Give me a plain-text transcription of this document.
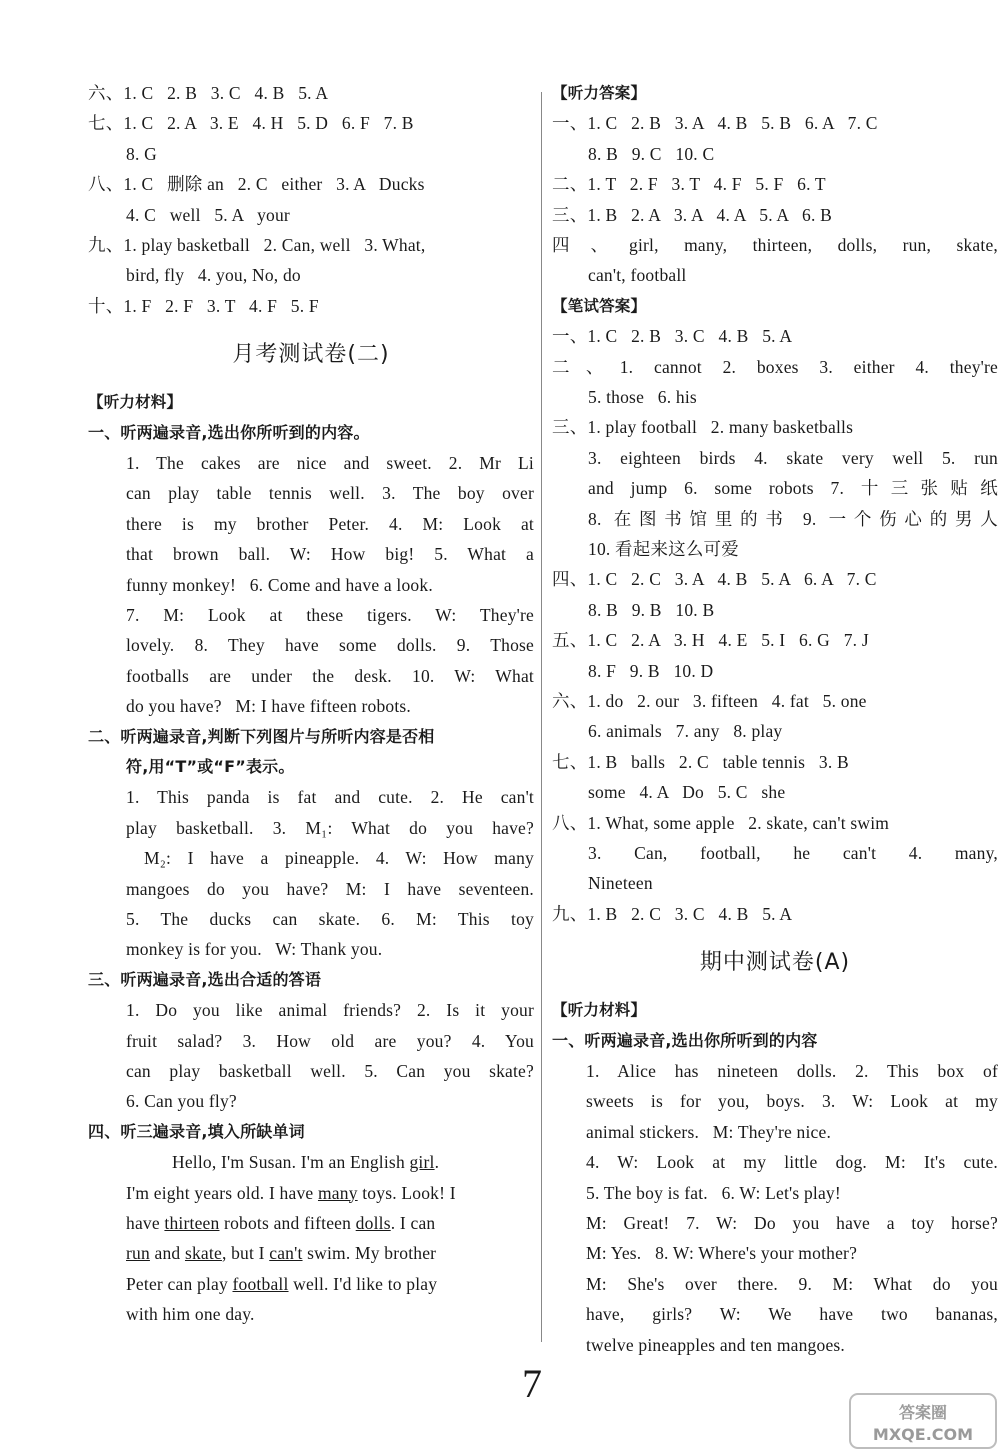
六、1. C   2. B   3. C   4. B   5. A
七、1. C   2. A   3. E   4. H   5. D   6. F   7. B
8. G
八、1. C   删除 an   2. C   either   3. A   Ducks
4. C   well   5. A   your
九、1. play basketball   2. Can, well   3. What,
bird, fly   4. you, No, do
十、1. F   2. F   3. T   4. F   5. F
月考测试卷(二)
【听力材料】
一、听两遍录音,选出你所听到的内容。
1. The cakes are nice and sweet. 2. Mr Li
can play table tennis well. 3. The boy over
there is my brother Peter. 4. M: Look at
that brown ball. W: How big! 5. What a
funny monkey!   6. Come and have a look.
7. M: Look at these tigers. W: They're
lovely. 8. They have some dolls. 9. Those
footballs are under the desk. 10. W: What
do you have?   M: I have fifteen robots.
二、听两遍录音,判断下列图片与所听内容是否相
符,用“T”或“F”表示。
1. This panda is fat and cute. 2. He can't
play basketball. 3. M₁: What do you have?
M₂: I have a pineapple. 4. W: How many
mangoes do you have? M: I have seventeen.
5. The ducks can skate. 6. M: This toy
monkey is for you.   W: Thank you.
三、听两遍录音,选出合适的答语
1. Do you like animal friends? 2. Is it your
fruit salad? 3. How old are you? 4. You
can play basketball well. 5. Can you skate?
6. Can you fly?
四、听三遍录音,填入所缺单词
Hello, I'm Susan. I'm an English girl.
I'm eight years old. I have many toys. Look! I
have thirteen robots and fifteen dolls. I can
run and skate, but I can't swim. My brother
Peter can play football well. I'd like to play
with him one day.
【听力答案】
一、1. C   2. B   3. A   4. B   5. B   6. A   7. C
8. B   9. C   10. C
二、1. T   2. F   3. T   4. F   5. F   6. T
三、1. B   2. A   3. A   4. A   5. A   6. B
四、girl, many, thirteen, dolls, run, skate,
can't, football
【笔试答案】
一、1. C   2. B   3. C   4. B   5. A
二、1. cannot 2. boxes 3. either 4. they're
5. those   6. his
三、1. play football   2. many basketballs
3. eighteen birds 4. skate very well 5. run
and jump 6. some robots 7. 十三张贴纸
8. 在图书馆里的书 9. 一个伤心的男人
10. 看起来这么可爱
四、1. C   2. C   3. A   4. B   5. A   6. A   7. C
8. B   9. B   10. B
五、1. C   2. A   3. H   4. E   5. I   6. G   7. J
8. F   9. B   10. D
六、1. do   2. our   3. fifteen   4. fat   5. one
6. animals   7. any   8. play
七、1. B   balls   2. C   table tennis   3. B
some   4. A   Do   5. C   she
八、1. What, some apple   2. skate, can't swim
3. Can, football, he can't 4. many,
Nineteen
九、1. B   2. C   3. C   4. B   5. A
期中测试卷(A)
【听力材料】
一、听两遍录音,选出你所听到的内容
1. Alice has nineteen dolls. 2. This box of
sweets is for you, boys. 3. W: Look at my
animal stickers.   M: They're nice.
4. W: Look at my little dog. M: It's cute.
5. The boy is fat.   6. W: Let's play!
M: Great! 7. W: Do you have a toy horse?
M: Yes.   8. W: Where's your mother?
M: She's over there. 9. M: What do you
have, girls? W: We have two bananas,
twelve pineapples and ten mangoes.
7
答案圈
MXQE.COM
